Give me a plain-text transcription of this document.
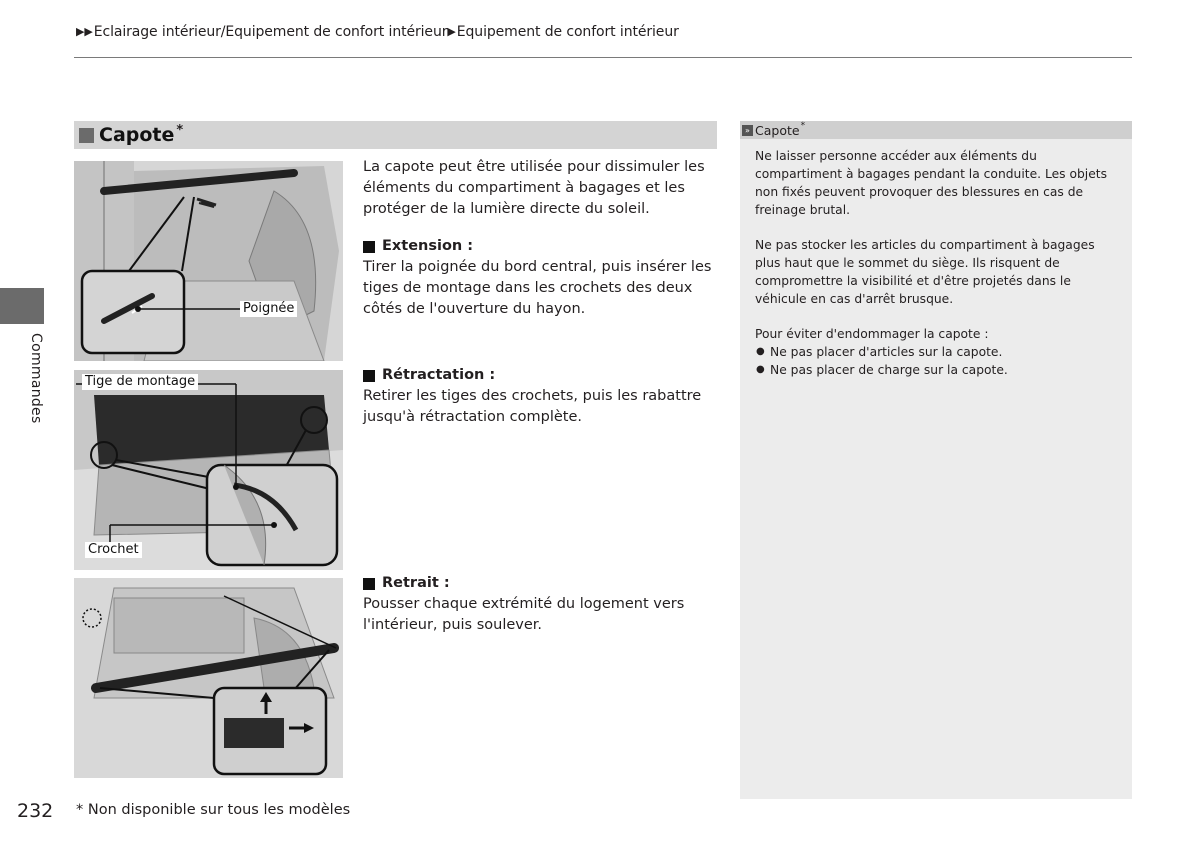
▶▶Eclairage intérieur/Equipement de confort intérieur▶Equipement de confort intérieur
Commandes
Capote *
Poignée
Tige de montage
Crochet

La capote peut être utilisée pour dissimuler les éléments du compartiment à bagages et les protéger de la lumière directe du soleil.

Extension :

Tirer la poignée du bord central, puis insérer les tiges de montage dans les crochets des deux côtés de l'ouverture du hayon.

Rétractation :

Retirer les tiges des crochets, puis les rabattre jusqu'à rétractation complète.

Retrait :

Pousser chaque extrémité du logement vers l'intérieur, puis soulever.

» Capote *

Ne laisser personne accéder aux éléments du compartiment à bagages pendant la conduite. Les objets non fixés peuvent provoquer des blessures en cas de freinage brutal.

Ne pas stocker les articles du compartiment à bagages plus haut que le sommet du siège. Ils risquent de compromettre la visibilité et d'être projetés dans le véhicule en cas d'arrêt brusque.

Pour éviter d'endommager la capote :

● Ne pas placer d'articles sur la capote.
● Ne pas placer de charge sur la capote.
232 * Non disponible sur tous les modèles
